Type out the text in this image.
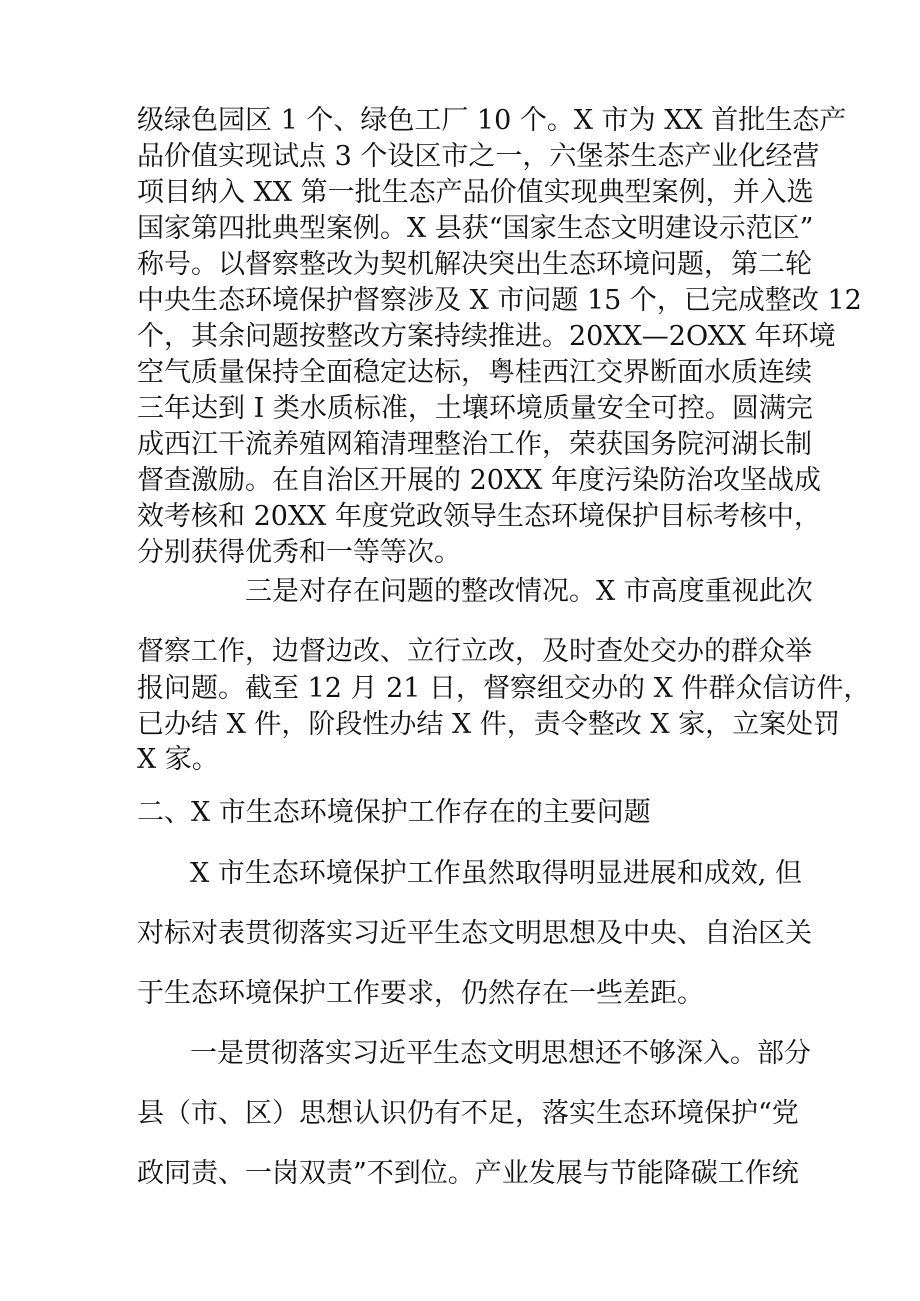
级绿色园区 1 个、绿色工厂 10 个。X 市为 XX 首批生态产
品价值实现试点 3 个设区市之一，六堡茶生态产业化经营
项目纳入 XX 第一批生态产品价值实现典型案例，并入选
国家第四批典型案例。X 县获“国家生态文明建设示范区”
称号。以督察整改为契机解决突出生态环境问题，第二轮
中央生态环境保护督察涉及 X 市问题 15 个，已完成整改 12
个，其余问题按整改方案持续推进。20XX—2OXX 年环境
空气质量保持全面稳定达标，粤桂西江交界断面水质连续
三年达到 I 类水质标准，土壤环境质量安全可控。圆满完
成西江干流养殖网箱清理整治工作，荣获国务院河湖长制
督查激励。在自治区开展的 20XX 年度污染防治攻坚战成
效考核和 20XX 年度党政领导生态环境保护目标考核中，
分别获得优秀和一等等次。
三是对存在问题的整改情况。X 市高度重视此次
督察工作，边督边改、立行立改，及时查处交办的群众举
报问题。截至 12 月 21 日，督察组交办的 X 件群众信访件，
已办结 X 件，阶段性办结 X 件，责令整改 X 家，立案处罚
X 家。
二、X 市生态环境保护工作存在的主要问题
X 市生态环境保护工作虽然取得明显进展和成效, 但
对标对表贯彻落实习近平生态文明思想及中央、自治区关
于生态环境保护工作要求，仍然存在一些差距。
一是贯彻落实习近平生态文明思想还不够深入。部分
县（市、区）思想认识仍有不足，落实生态环境保护“党
政同责、一岗双责”不到位。产业发展与节能降碳工作统
